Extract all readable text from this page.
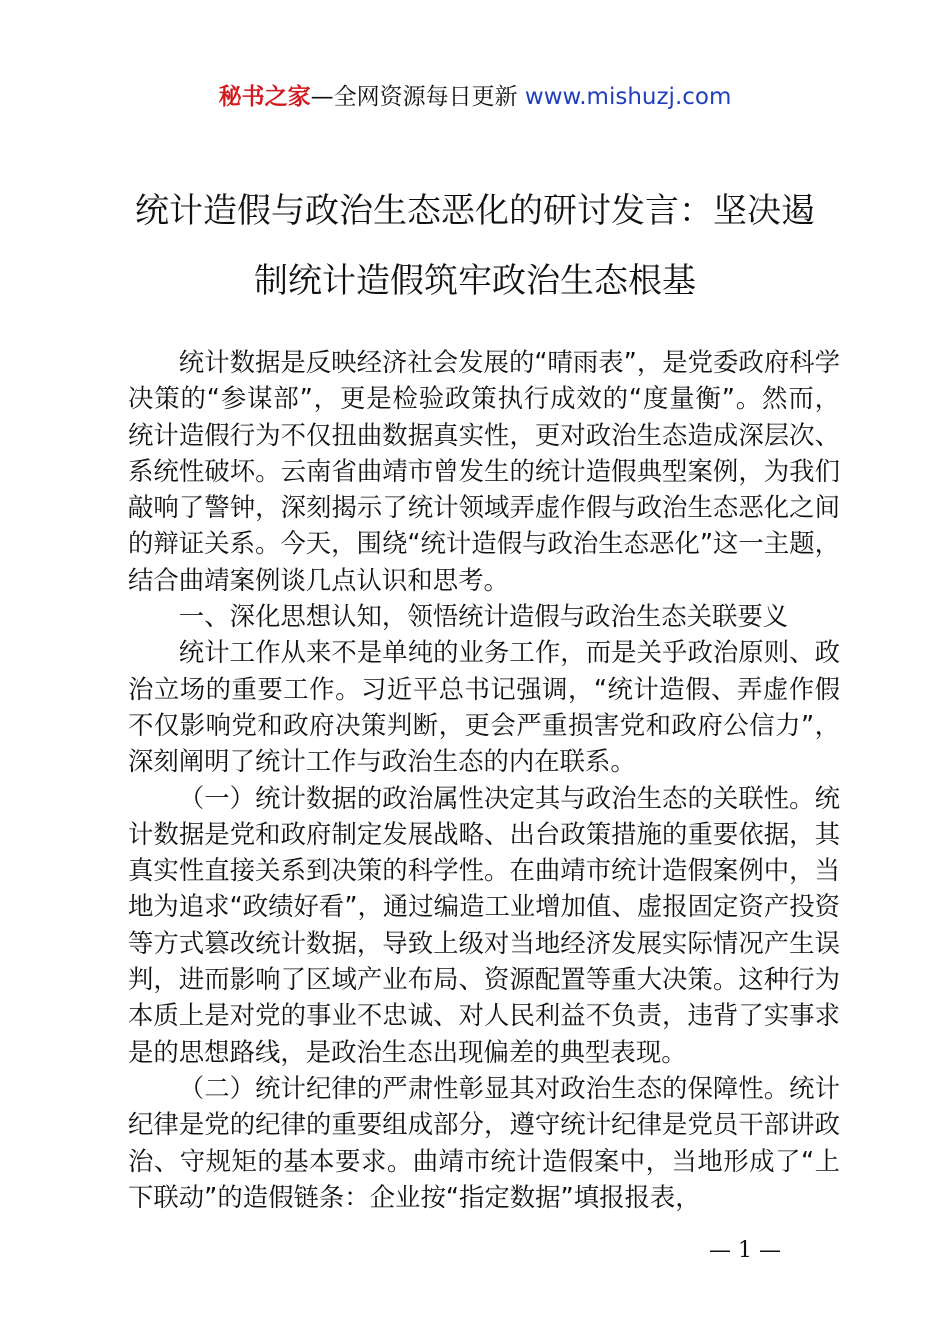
秘书之家—全网资源每日更新 www.mishuzj.com
统计造假与政治生态恶化的研讨发言：坚决遏
制统计造假筑牢政治生态根基

统计数据是反映经济社会发展的“晴雨表”，是党委政府科学决策的“参谋部”，更是检验政策执行成效的“度量衡”。然而，统计造假行为不仅扭曲数据真实性，更对政治生态造成深层次、系统性破坏。云南省曲靖市曾发生的统计造假典型案例，为我们敲响了警钟，深刻揭示了统计领域弄虚作假与政治生态恶化之间的辩证关系。今天，围绕“统计造假与政治生态恶化”这一主题，结合曲靖案例谈几点认识和思考。

一、深化思想认知，领悟统计造假与政治生态关联要义

统计工作从来不是单纯的业务工作，而是关乎政治原则、政治立场的重要工作。习近平总书记强调，“统计造假、弄虚作假不仅影响党和政府决策判断，更会严重损害党和政府公信力”，深刻阐明了统计工作与政治生态的内在联系。

（一）统计数据的政治属性决定其与政治生态的关联性。统计数据是党和政府制定发展战略、出台政策措施的重要依据，其真实性直接关系到决策的科学性。在曲靖市统计造假案例中，当地为追求“政绩好看”，通过编造工业增加值、虚报固定资产投资等方式篡改统计数据，导致上级对当地经济发展实际情况产生误判，进而影响了区域产业布局、资源配置等重大决策。这种行为本质上是对党的事业不忠诚、对人民利益不负责，违背了实事求是的思想路线，是政治生态出现偏差的典型表现。

（二）统计纪律的严肃性彰显其对政治生态的保障性。统计纪律是党的纪律的重要组成部分，遵守统计纪律是党员干部讲政治、守规矩的基本要求。曲靖市统计造假案中，当地形成了“上下联动”的造假链条：企业按“指定数据”填报报表，

— 1 —
